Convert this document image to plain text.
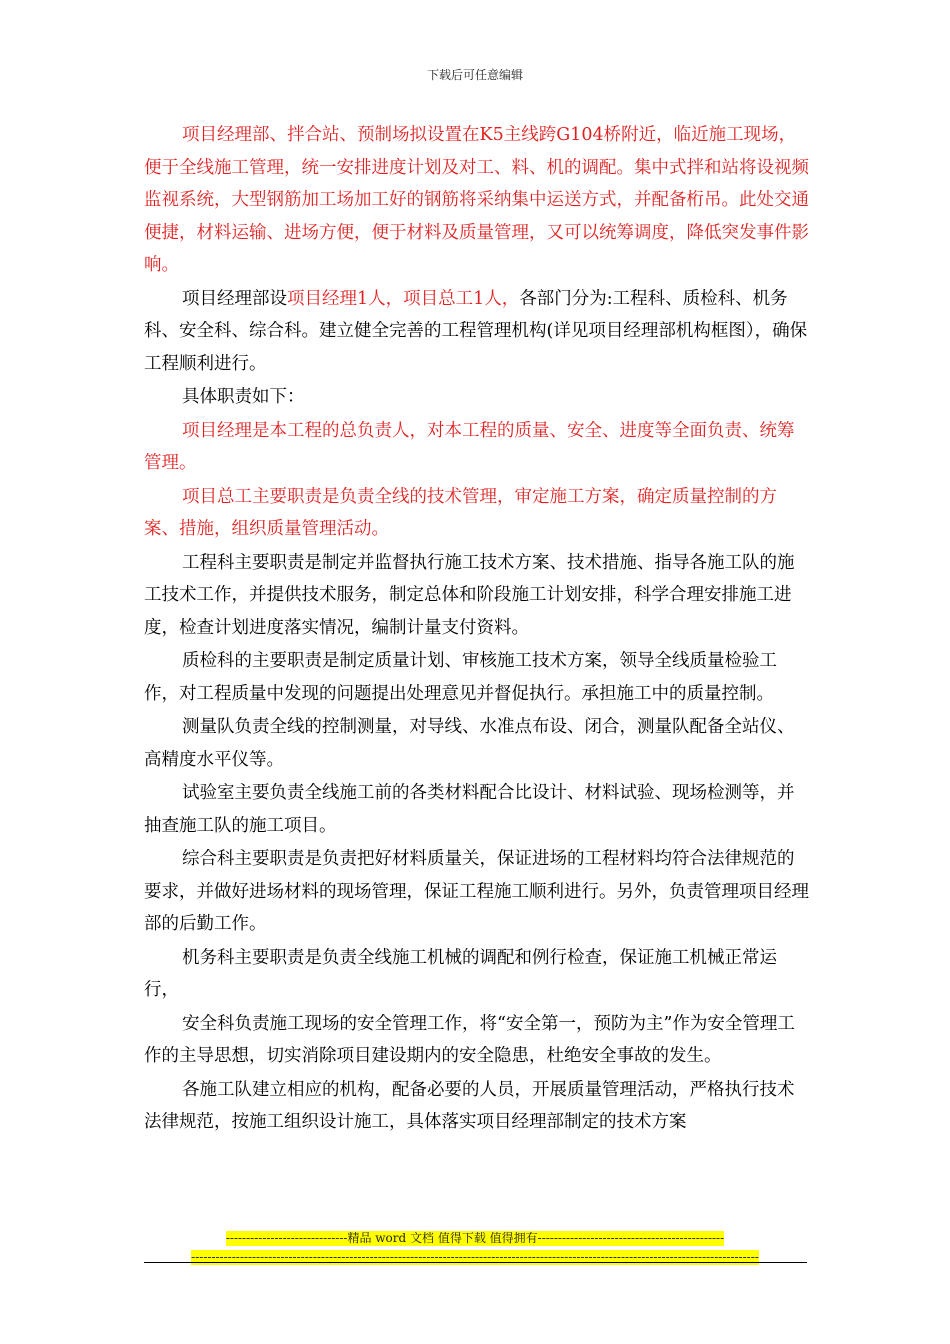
下载后可任意编辑

项目经理部、拌合站、预制场拟设置在K5主线跨G104桥附近，临近施工现场， 便于全线施工管理，统一安排进度计划及对工、料、机的调配。集中式拌和站将设视频监视系统，大型钢筋加工场加工好的钢筋将采纳集中运送方式，并配备桁吊。此处交通便捷，材料运输、进场方便，便于材料及质量管理，又可以统筹调度，降低突发事件影响。

项目经理部设项目经理1人，项目总工1人，各部门分为:工程科、质检科、机务科、安全科、综合科。建立健全完善的工程管理机构(详见项目经理部机构框图），确保工程顺利进行。

具体职责如下：

项目经理是本工程的总负责人，对本工程的质量、安全、进度等全面负责、统筹管理。

项目总工主要职责是负责全线的技术管理，审定施工方案，确定质量控制的方案、措施，组织质量管理活动。

工程科主要职责是制定并监督执行施工技术方案、技术措施、指导各施工队的施工技术工作，并提供技术服务，制定总体和阶段施工计划安排，科学合理安排施工进度，检查计划进度落实情况，编制计量支付资料。

质检科的主要职责是制定质量计划、审核施工技术方案，领导全线质量检验工作，对工程质量中发现的问题提出处理意见并督促执行。承担施工中的质量控制。

测量队负责全线的控制测量，对导线、水准点布设、闭合，测量队配备全站仪、高精度水平仪等。

试验室主要负责全线施工前的各类材料配合比设计、材料试验、现场检测等，并抽查施工队的施工项目。

综合科主要职责是负责把好材料质量关，保证进场的工程材料均符合法律规范的要求，并做好进场材料的现场管理，保证工程施工顺利进行。另外，负责管理项目经理部的后勤工作。

机务科主要职责是负责全线施工机械的调配和例行检查，保证施工机械正常运行，

安全科负责施工现场的安全管理工作，将“安全第一，预防为主”作为安全管理工作的主导思想，切实消除项目建设期内的安全隐患，杜绝安全事故的发生。

各施工队建立相应的机构，配备必要的人员，开展质量管理活动，严格执行技术法律规范，按施工组织设计施工，具体落实项目经理部制定的技术方案

------------------------------精品 word 文档 值得下载 值得拥有----------------------------------------------
--------------------------------------------------------------------------------------------------------------------------------------------
